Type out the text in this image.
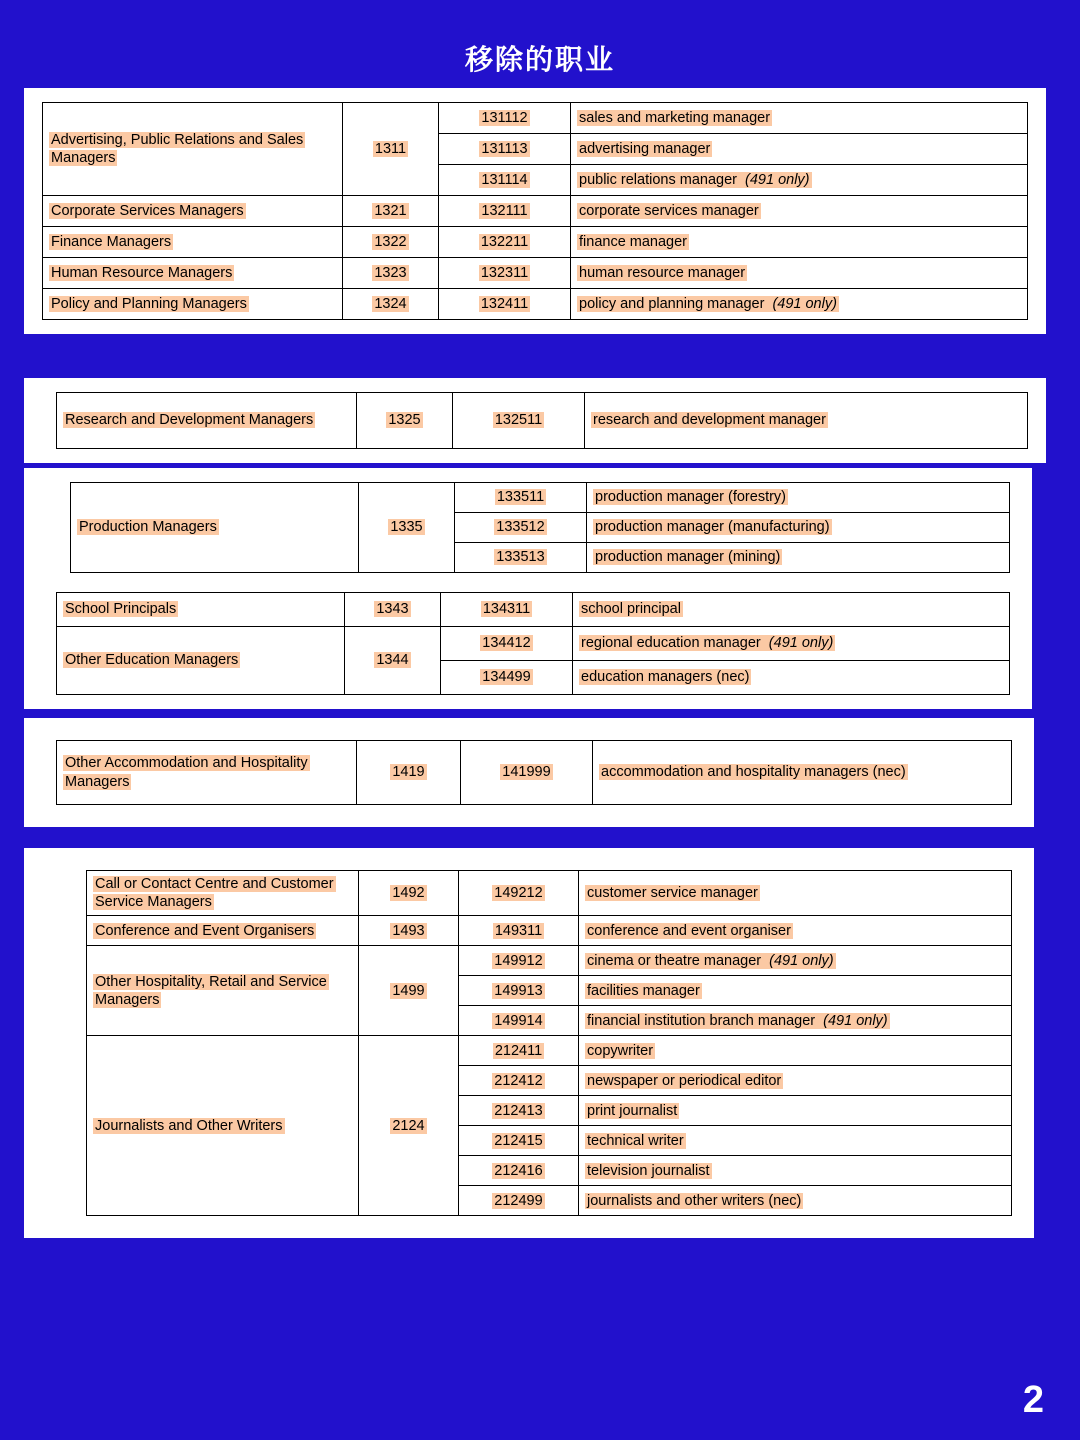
移除的职业
Advertising, Public Relations and Sales Managers	1311	131112	sales and marketing manager
		131113	advertising manager
		131114	public relations manager (491 only)
Corporate Services Managers	1321	132111	corporate services manager
Finance Managers	1322	132211	finance manager
Human Resource Managers	1323	132311	human resource manager
Policy and Planning Managers	1324	132411	policy and planning manager (491 only)
Research and Development Managers	1325	132511	research and development manager
Production Managers	1335	133511	production manager (forestry)
		133512	production manager (manufacturing)
		133513	production manager (mining)
School Principals	1343	134311	school principal
Other Education Managers	1344	134412	regional education manager (491 only)
		134499	education managers (nec)
Other Accommodation and Hospitality Managers	1419	141999	accommodation and hospitality managers (nec)
Call or Contact Centre and Customer Service Managers	1492	149212	customer service manager
Conference and Event Organisers	1493	149311	conference and event organiser
Other Hospitality, Retail and Service Managers	1499	149912	cinema or theatre manager (491 only)
		149913	facilities manager
		149914	financial institution branch manager (491 only)
Journalists and Other Writers	2124	212411	copywriter
		212412	newspaper or periodical editor
		212413	print journalist
		212415	technical writer
		212416	television journalist
		212499	journalists and other writers (nec)
2
